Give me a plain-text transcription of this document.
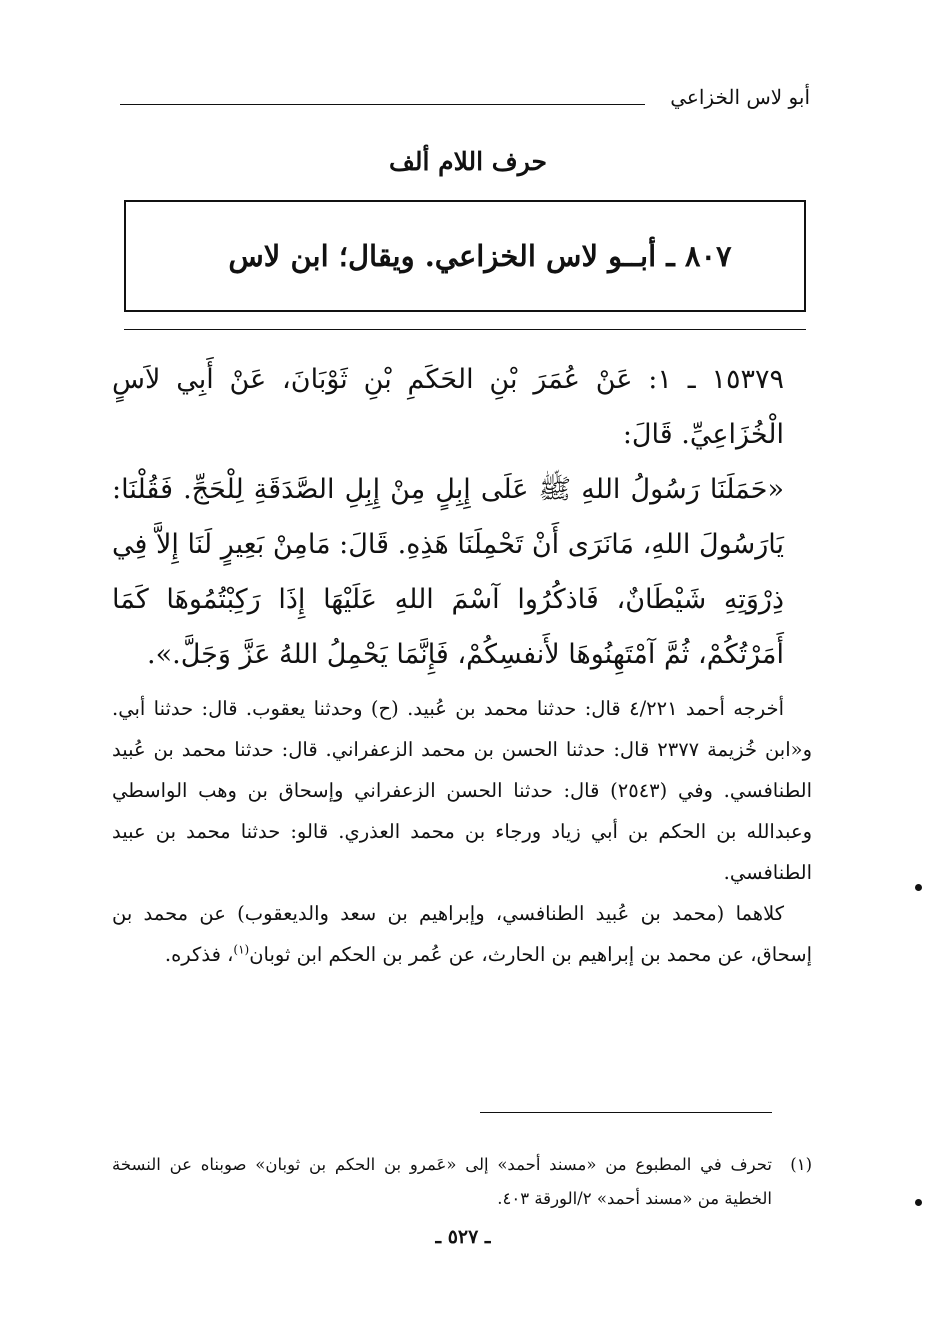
أبو لاس الخزاعي
حرف اللام ألف
٨٠٧ ـ أبــو لاس الخزاعي. ويقال؛ ابن لاس

١٥٣٧٩ ـ ١: عَنْ عُمَرَ بْنِ الحَكَمِ بْنِ ثَوْبَانَ، عَنْ أَبِي لاَسٍ الْخُزَاعِيِّ. قَالَ:

«حَمَلَنَا رَسُولُ اللهِ ﷺ عَلَى إِبِلٍ مِنْ إِبِلِ الصَّدَقَةِ لِلْحَجِّ. فَقُلْنَا: يَارَسُولَ اللهِ، مَانَرَى أَنْ تَحْمِلَنَا هَذِهِ. قَالَ: مَامِنْ بَعِيرٍ لَنَا إِلاَّ فِي ذِرْوَتِهِ شَيْطَانٌ، فَاذكُرُوا آسْمَ اللهِ عَلَيْهَا إِذَا رَكِبْتُمُوهَا كَمَا أَمَرْتُكُمْ، ثُمَّ آمْتَهِنُوهَا لأَنفسِكُمْ، فَإِنَّمَا يَحْمِلُ اللهُ عَزَّ وَجَلَّ.».

أخرجه أحمد ٤/٢٢١ قال: حدثنا محمد بن عُبيد. (ح) وحدثنا يعقوب. قال: حدثنا أبي. و«ابن خُزيمة ٢٣٧٧ قال: حدثنا الحسن بن محمد الزعفراني. قال: حدثنا محمد بن عُبيد الطنافسي. وفي (٢٥٤٣) قال: حدثنا الحسن الزعفراني وإسحاق بن وهب الواسطي وعبدالله بن الحكم بن أبي زياد ورجاء بن محمد العذري. قالو: حدثنا محمد بن عبيد الطنافسي.

كلاهما (محمد بن عُبيد الطنافسي، وإبراهيم بن سعد والديعقوب) عن محمد بن إسحاق، عن محمد بن إبراهيم بن الحارث، عن عُمر بن الحكم ابن ثوبان$^{(١)}$، فذكره.

(١)
تحرف في المطبوع من «مسند أحمد» إلى «عَمرو بن الحكم بن ثوبان» صوبناه عن النسخة الخطية من «مسند أحمد» ٢/الورقة ٤٠٣.
ـ ٥٢٧ ـ
